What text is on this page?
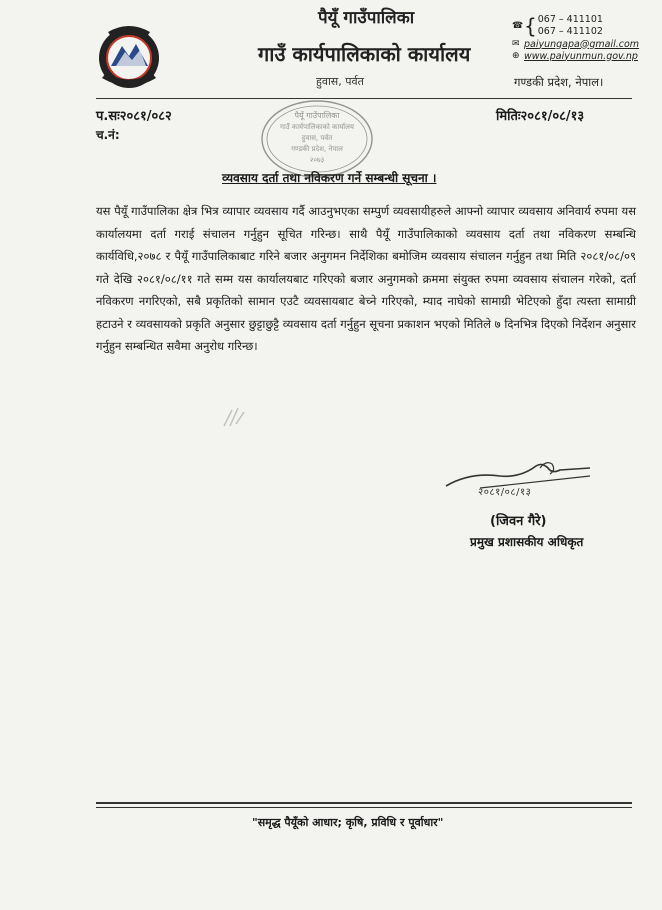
पैयूँ गाउँपालिका
गाउँ कार्यपालिकाको कार्यालय
हुवास, पर्वत
☎ { 067 – 411101
067 – 411102
✉ paiyungapa@gmail.com
⊕ www.paiyunmun.gov.np
गण्डकी प्रदेश, नेपाल।
पैयूँ गाउँपालिका
गाउँ कार्यपालिकाको कार्यालय
हुवास, पर्वत
गण्डकी प्रदेश, नेपाल
२०७३
प.सः२०८१/०८२
च.नं:
मितिः२०८१/०८/१३
व्यवसाय दर्ता तथा नविकरण गर्ने सम्बन्धी सूचना ।
यस पैयूँ गाउँपालिका क्षेत्र भित्र व्यापार व्यवसाय गर्दै आउनुभएका सम्पुर्ण व्यवसायीहरुले आफ्नो व्यापार व्यवसाय अनिवार्य रुपमा यस कार्यालयमा दर्ता गराई संचालन गर्नुहुन सूचित गरिन्छ। साथै पैयूँ गाउँपालिकाको व्यवसाय दर्ता तथा नविकरण सम्बन्धि कार्यविधि,२०७८ र पैयूँ गाउँपालिकाबाट गरिने बजार अनुगमन निर्देशिका बमोजिम व्यवसाय संचालन गर्नुहुन तथा मिति २०८१/०८/०९ गते देखि २०८१/०८/११ गते सम्म यस कार्यालयबाट गरिएको बजार अनुगमको क्रममा संयुक्त रुपमा व्यवसाय संचालन गरेको, दर्ता नविकरण नगरिएको, सबै प्रकृतिको सामान एउटै व्यवसायबाट बेच्ने गरिएको, म्याद नाघेको सामाग्री भेटिएको हुँदा त्यस्ता सामाग्री हटाउने र व्यवसायको प्रकृति अनुसार छुट्टाछुट्टै व्यवसाय दर्ता गर्नुहुन सूचना प्रकाशन भएको मितिले ७ दिनभित्र दिएको निर्देशन अनुसार गर्नुहुन सम्बन्धित सवैमा अनुरोध गरिन्छ।
२०८१/०८/१३
(जिवन गैरे)
प्रमुख प्रशासकीय अधिकृत
"समृद्ध पैयूँको आधार; कृषि, प्रविधि र पूर्वाधार"
